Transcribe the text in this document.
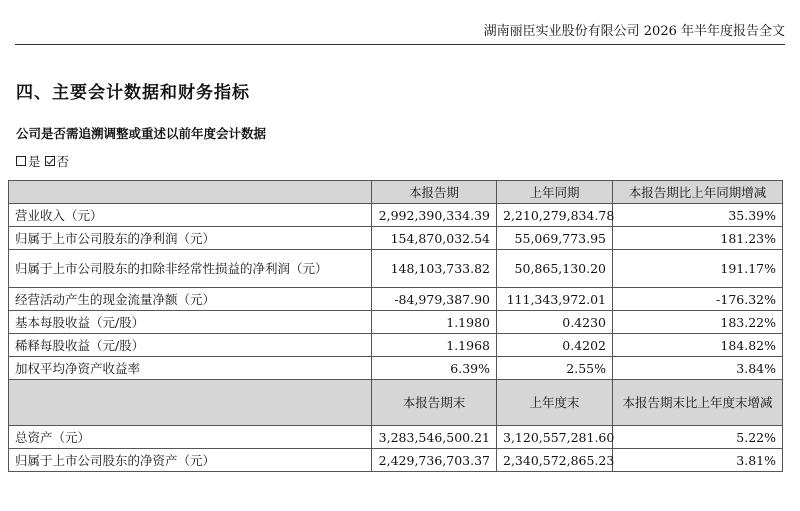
湖南丽臣实业股份有限公司 2026 年半年度报告全文
四、主要会计数据和财务指标
公司是否需追溯调整或重述以前年度会计数据
是 否
	本报告期	上年同期	本报告期比上年同期增减
营业收入（元）	2,992,390,334.39	2,210,279,834.78	35.39%
归属于上市公司股东的净利润（元）	154,870,032.54	55,069,773.95	181.23%
归属于上市公司股东的扣除非经常性损益的净利润（元）	148,103,733.82	50,865,130.20	191.17%
经营活动产生的现金流量净额（元）	-84,979,387.90	111,343,972.01	-176.32%
基本每股收益（元/股）	1.1980	0.4230	183.22%
稀释每股收益（元/股）	1.1968	0.4202	184.82%
加权平均净资产收益率	6.39%	2.55%	3.84%
	本报告期末	上年度末	本报告期末比上年度末增减
总资产（元）	3,283,546,500.21	3,120,557,281.60	5.22%
归属于上市公司股东的净资产（元）	2,429,736,703.37	2,340,572,865.23	3.81%
